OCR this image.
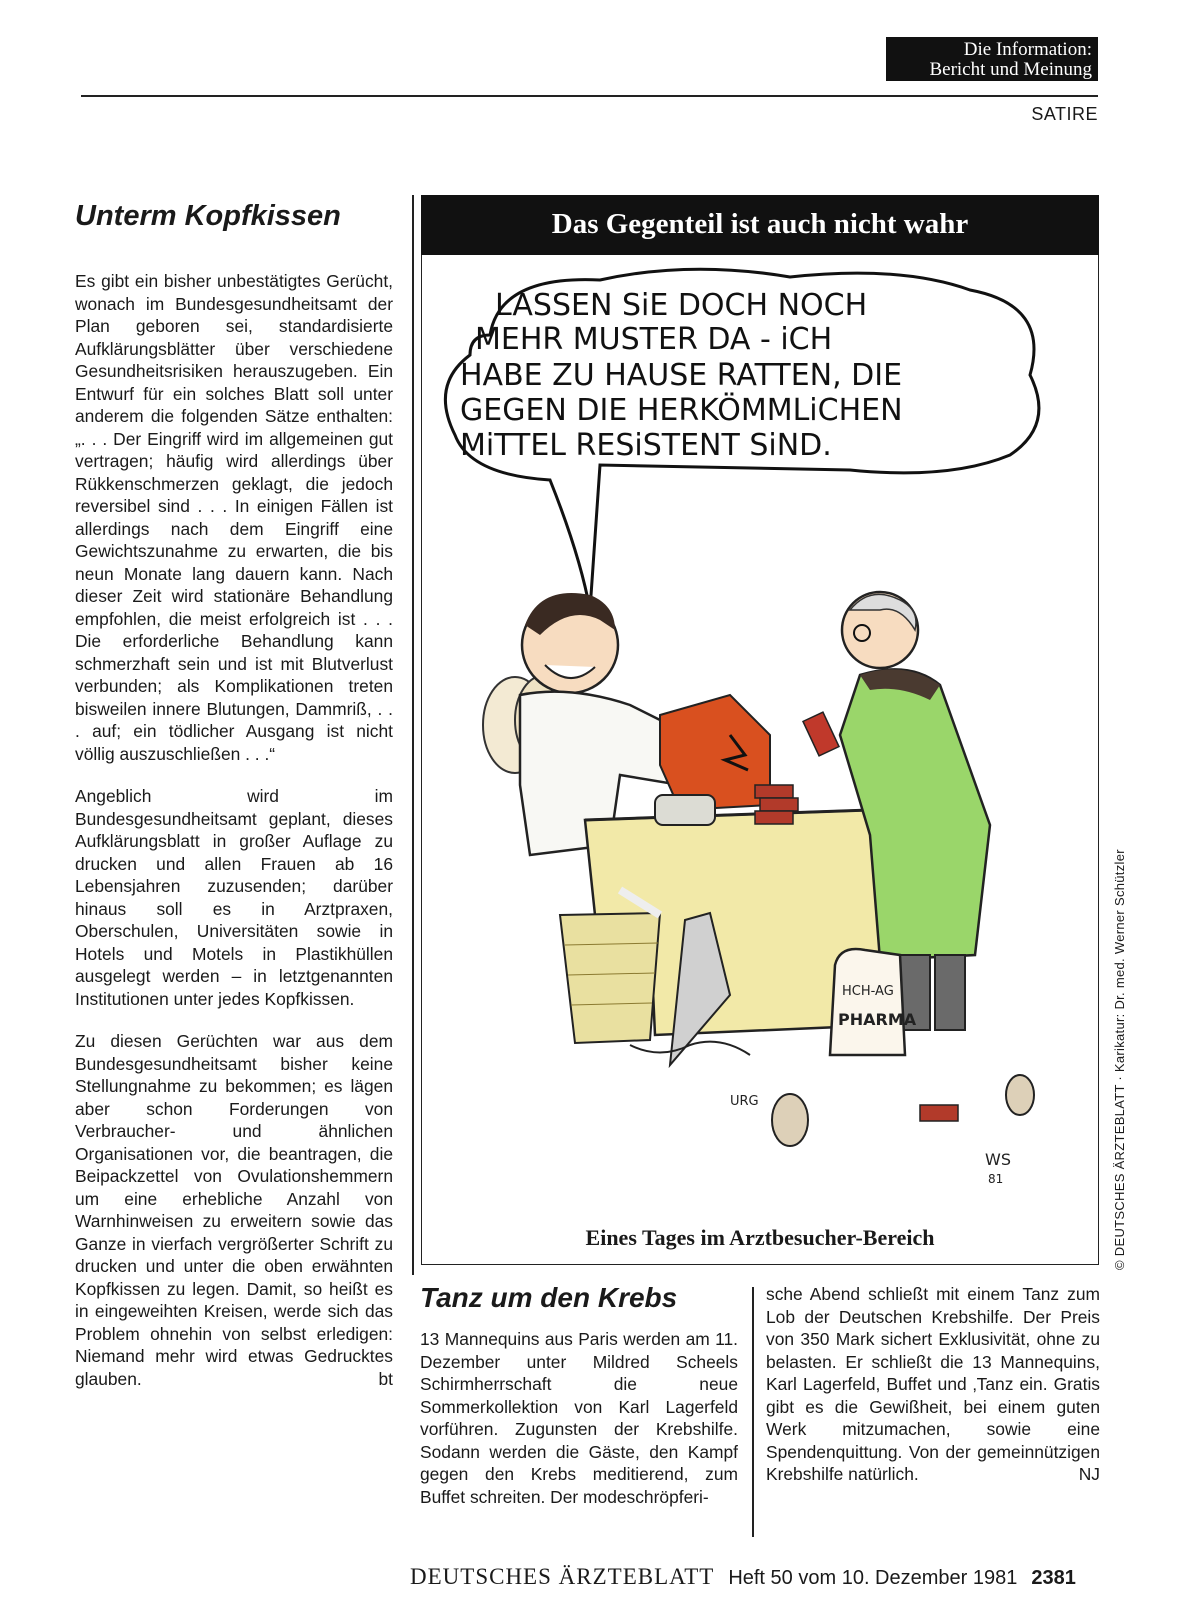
Die Information:
Bericht und Meinung
SATIRE
Unterm Kopfkissen

Es gibt ein bisher unbestätigtes Gerücht, wonach im Bundesgesundheitsamt der Plan geboren sei, standardisierte Aufklärungsblätter über verschiedene Gesundheitsrisiken herauszugeben. Ein Entwurf für ein solches Blatt soll unter anderem die folgenden Sätze enthalten: „. . . Der Eingriff wird im allgemeinen gut vertragen; häufig wird allerdings über Rükkenschmerzen geklagt, die jedoch reversibel sind . . . In einigen Fällen ist allerdings nach dem Eingriff eine Gewichtszunahme zu erwarten, die bis neun Monate lang dauern kann. Nach dieser Zeit wird stationäre Behandlung empfohlen, die meist erfolgreich ist . . . Die erforderliche Behandlung kann schmerzhaft sein und ist mit Blutverlust verbunden; als Komplikationen treten bisweilen innere Blutungen, Dammriß, . . . auf; ein tödlicher Ausgang ist nicht völlig auszuschließen . . .“

Angeblich wird im Bundesgesundheitsamt geplant, dieses Aufklärungsblatt in großer Auflage zu drucken und allen Frauen ab 16 Lebensjahren zuzusenden; darüber hinaus soll es in Arztpraxen, Oberschulen, Universitäten sowie in Hotels und Motels in Plastikhüllen ausgelegt werden – in letztgenannten Institutionen unter jedes Kopfkissen.

Zu diesen Gerüchten war aus dem Bundesgesundheitsamt bisher keine Stellungnahme zu bekommen; es lägen aber schon Forderungen von Verbraucher- und ähnlichen Organisationen vor, die beantragen, die Beipackzettel von Ovulationshemmern um eine erhebliche Anzahl von Warnhinweisen zu erweitern sowie das Ganze in vierfach vergrößerter Schrift zu drucken und unter die oben erwähnten Kopfkissen zu legen. Damit, so heißt es in eingeweihten Kreisen, werde sich das Problem ohnehin von selbst erledigen: Niemand mehr wird etwas Gedrucktes glauben.	bt

Das Gegenteil ist auch nicht wahr
LASSEN SiE DOCH NOCH
MEHR MUSTER DA - iCH
HABE ZU HAUSE RATTEN, DIE
GEGEN DIE HERKÖMMLiCHEN
MiTTEL RESiSTENT SiND.
HCH-AG
PHARMA
URG
WS
81
Eines Tages im Arztbesucher-Bereich	© DEUTSCHES ÄRZTEBLATT · Karikatur: Dr. med. Werner Schützler
Tanz um den Krebs
13 Mannequins aus Paris werden am 11. Dezember unter Mildred Scheels Schirmherrschaft die neue Sommerkollektion von Karl Lagerfeld vorführen. Zugunsten der Krebshilfe. Sodann werden die Gäste, den Kampf gegen den Krebs meditierend, zum Buffet schreiten. Der modeschröpferi-
sche Abend schließt mit einem Tanz zum Lob der Deutschen Krebshilfe. Der Preis von 350 Mark sichert Exklusivität, ohne zu belasten. Er schließt die 13 Mannequins, Karl Lagerfeld, Buffet und ‚Tanz ein. Gratis gibt es die Gewißheit, bei einem guten Werk mitzumachen, sowie eine Spendenquittung. Von der gemeinnützigen Krebshilfe natürlich.	NJ
DEUTSCHES ÄRZTEBLATT Heft 50 vom 10. Dezember 1981 2381
